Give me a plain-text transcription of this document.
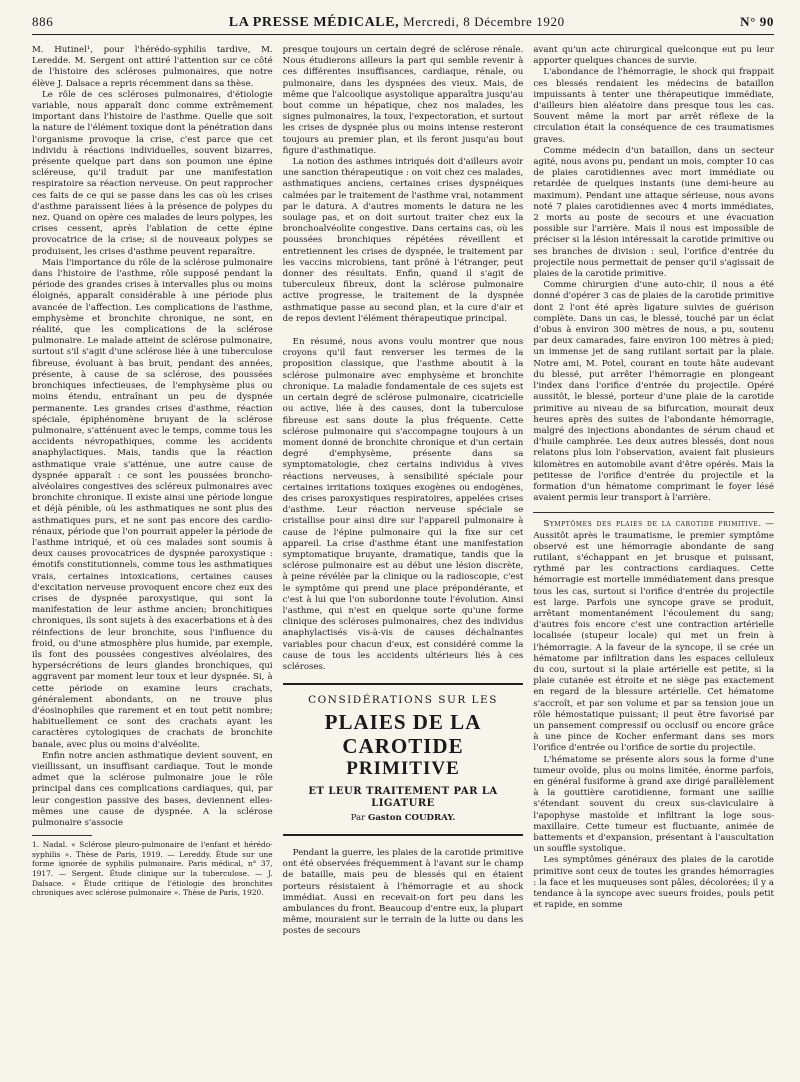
886	LA PRESSE MÉDICALE, Mercredi, 8 Décembre 1920	N° 90

M. Hutinel¹, pour l'hérédo-syphilis tardive, M. Leredde. M. Sergent ont attiré l'attention sur ce côté de l'histoire des scléroses pulmonaires, que notre élève J. Dalsace a repris récemment dans sa thèse.

Le rôle de ces scléroses pulmonaires, d'étiologie variable, nous apparaît donc comme extrêmement important dans l'histoire de l'asthme. Quelle que soit la nature de l'élément toxique dont la pénétration dans l'organisme provoque la crise, c'est parce que cet individu à réactions individuelles, souvent bizarres, présente quelque part dans son poumon une épine scléreuse, qu'il traduit par une manifestation respiratoire sa réaction nerveuse. On peut rapprocher ces faits de ce qui se passe dans les cas où les crises d'asthme paraissent liées à la présence de polypes du nez. Quand on opère ces malades de leurs polypes, les crises cessent, après l'ablation de cette épine provocatrice de la crise; si de nouveaux polypes se produisent, les crises d'asthme peuvent reparaître.

Mais l'importance du rôle de la sclérose pulmonaire dans l'histoire de l'asthme, rôle supposé pendant la période des grandes crises à intervalles plus ou moins éloignés, apparaît considérable à une période plus avancée de l'affection. Les complications de l'asthme, emphysème et bronchite chronique, ne sont, en réalité, que les complications de la sclérose pulmonaire. Le malade atteint de sclérose pulmonaire, surtout s'il s'agit d'une sclérose liée à une tuberculose fibreuse, évoluant à bas bruit, pendant des années, présente, à cause de sa sclérose, des poussées bronchiques infectieuses, de l'emphysème plus ou moins étendu, entraînant un peu de dyspnée permanente. Les grandes crises d'asthme, réaction spéciale, épiphénomène bruyant de la sclérose pulmonaire, s'atténuent avec le temps, comme tous les accidents névropathiques, comme les accidents anaphylactiques. Mais, tandis que la réaction asthmatique vraie s'atténue, une autre cause de dyspnée apparaît : ce sont les poussées broncho-alvéolaires congestives des scléreux pulmonaires avec bronchite chronique. Il existe ainsi une période longue et déjà pénible, où les asthmatiques ne sont plus des asthmatiques purs, et ne sont pas encore des cardio-rénaux, période que l'on pourrait appeler la période de l'asthme intriqué, et où ces malades sont soumis à deux causes provocatrices de dyspnée paroxystique : émotifs constitutionnels, comme tous les asthmatiques vrais, certaines intoxications, certaines causes d'excitation nerveuse provoquent encore chez eux des crises de dyspnée paroxystique, qui sont la manifestation de leur asthme ancien; bronchitiques chroniques, ils sont sujets à des exacerbations et à des réinfections de leur bronchite, sous l'influence du froid, ou d'une atmosphère plus humide, par exemple, ils font des poussées congestives alvéolaires, des hypersécrétions de leurs glandes bronchiques, qui aggravent par moment leur toux et leur dyspnée. Si, à cette période on examine leurs crachats, généralement abondants, on ne trouve plus d'éosinophiles que rarement et en tout petit nombre; habituellement ce sont des crachats ayant les caractères cytologiques de crachats de bronchite banale, avec plus ou moins d'alvéolite.

Enfin notre ancien asthmatique devient souvent, en vieillissant, un insuffisant cardiaque. Tout le monde admet que la sclérose pulmonaire joue le rôle principal dans ces complications cardiaques, qui, par leur congestion passive des bases, deviennent elles-mêmes une cause de dyspnée. A la sclérose pulmonaire s'associe

1. Nadal. « Sclérose pleuro-pulmonaire de l'enfant et hérédo-syphilis ». Thèse de Paris, 1919. — Lereddy. Étude sur une forme ignorée de syphilis pulmonaire. Paris médical, n° 37, 1917. — Sergent. Étude clinique sur la tuberculose. — J. Dalsace. « Étude critique de l'étiologie des bronchites chroniques avec sclérose pulmonaire ». Thèse de Paris, 1920.

presque toujours un certain degré de sclérose rénale. Nous étudierons ailleurs la part qui semble revenir à ces différentes insuffisances, cardiaque, rénale, ou pulmonaire, dans les dyspnées des vieux. Mais, de même que l'alcoolique asystolique apparaîtra jusqu'au bout comme un hépatique, chez nos malades, les signes pulmonaires, la toux, l'expectoration, et surtout les crises de dyspnée plus ou moins intense resteront toujours au premier plan, et ils feront jusqu'au bout figure d'asthmatique.

La notion des asthmes intriqués doit d'ailleurs avoir une sanction thérapeutique : on voit chez ces malades, asthmatiques anciens, certaines crises dyspnéiques calmées par le traitement de l'asthme vrai, notamment par le datura. A d'autres moments le datura ne les soulage pas, et on doit surtout traiter chez eux la bronchoalvéolite congestive. Dans certains cas, où les poussées bronchiques répétées réveillent et entretiennent les crises de dyspnée, le traitement par les vaccins microbiens, tant prôné à l'étranger, peut donner des résultats. Enfin, quand il s'agit de tuberculeux fibreux, dont la sclérose pulmonaire active progresse, le traitement de la dyspnée asthmatique passe au second plan, et la cure d'air et de repos devient l'élément thérapeutique principal.

En résumé, nous avons voulu montrer que nous croyons qu'il faut renverser les termes de la proposition classique, que l'asthme aboutit à la sclérose pulmonaire avec emphysème et bronchite chronique. La maladie fondamentale de ces sujets est un certain degré de sclérose pulmonaire, cicatricielle ou active, liée à des causes, dont la tuberculose fibreuse est sans doute la plus fréquente. Cette sclérose pulmonaire qui s'accompagne toujours à un moment donné de bronchite chronique et d'un certain degré d'emphysème, présente dans sa symptomatologie, chez certains individus à vives réactions nerveuses, à sensibilité spéciale pour certaines irritations toxiques exogènes ou endogènes, des crises paroxystiques respiratoires, appelées crises d'asthme. Leur réaction nerveuse spéciale se cristallise pour ainsi dire sur l'appareil pulmonaire à cause de l'épine pulmonaire qui la fixe sur cet appareil. La crise d'asthme étant une manifestation symptomatique bruyante, dramatique, tandis que la sclérose pulmonaire est au début une lésion discrète, à peine révélée par la clinique ou la radioscopie, c'est le symptôme qui prend une place prépondérante, et c'est à lui que l'on subordonne toute l'évolution. Ainsi l'asthme, qui n'est en quelque sorte qu'une forme clinique des scléroses pulmonaires, chez des individus anaphylactisés vis-à-vis de causes déchaînantes variables pour chacun d'eux, est considéré comme la cause de tous les accidents ultérieurs liés à ces scléroses.

CONSIDÉRATIONS SUR LES
PLAIES DE LA CAROTIDE
PRIMITIVE
ET LEUR TRAITEMENT PAR LA LIGATURE
Par Gaston COUDRAY.

Pendant la guerre, les plaies de la carotide primitive ont été observées fréquemment à l'avant sur le champ de bataille, mais peu de blessés qui en étaient porteurs résistaient à l'hémorragie et au shock immédiat. Aussi en recevait-on fort peu dans les ambulances du front. Beaucoup d'entre eux, la plupart même, mouraient sur le terrain de la lutte ou dans les postes de secours

avant qu'un acte chirurgical quelconque eut pu leur apporter quelques chances de survie.

L'abondance de l'hémorragie, le shock qui frappait ces blessés rendaient les médecins de bataillon impuissants à tenter une thérapeutique immédiate, d'ailleurs bien aléatoire dans presque tous les cas. Souvent même la mort par arrêt réflexe de la circulation était la conséquence de ces traumatismes graves.

Comme médecin d'un bataillon, dans un secteur agité, nous avons pu, pendant un mois, compter 10 cas de plaies carotidiennes avec mort immédiate ou retardée de quelques instants (une demi-heure au maximum). Pendant une attaque sérieuse, nous avons noté 7 plaies carotidiennes avec 4 morts immédiates, 2 morts au poste de secours et une évacuation possible sur l'arrière. Mais il nous est impossible de préciser si la lésion intéressait la carotide primitive ou ses branches de division : seul, l'orifice d'entrée du projectile nous permettait de penser qu'il s'agissait de plaies de la carotide primitive.

Comme chirurgien d'une auto-chir, il nous a été donné d'opérer 3 cas de plaies de la carotide primitive dont 2 l'ont été après ligature suivies de guérison complète. Dans un cas, le blessé, touché par un éclat d'obus à environ 300 mètres de nous, a pu, soutenu par deux camarades, faire environ 100 mètres à pied; un immense jet de sang rutilant sortait par la plaie. Notre ami, M. Potel, courant en toute hâte audevant du blessé, put arrêter l'hémorragie en plongeant l'index dans l'orifice d'entrée du projectile. Opéré aussitôt, le blessé, porteur d'une plaie de la carotide primitive au niveau de sa bifurcation, mourait deux heures après des suites de l'abondante hémorragie, malgré des injections abondantes de sérum chaud et d'huile camphrée. Les deux autres blessés, dont nous relatons plus loin l'observation, avaient fait plusieurs kilomètres en automobile avant d'être opérés. Mais la petitesse de l'orifice d'entrée du projectile et la formation d'un hématome comprimant le foyer lésé avaient permis leur transport à l'arrière.

Symptômes des plaies de la carotide primitive. — Aussitôt après le traumatisme, le premier symptôme observé est une hémorragie abondante de sang rutilant, s'échappant en jet brusque et puissant, rythmé par les contractions cardiaques. Cette hémorragie est mortelle immédiatement dans presque tous les cas, surtout si l'orifice d'entrée du projectile est large. Parfois une syncope grave se produit, arrêtant momentanément l'écoulement du sang; d'autres fois encore c'est une contraction artérielle localisée (stupeur locale) qui met un frein à l'hémorragie. A la faveur de la syncope, il se crée un hématome par infiltration dans les espaces celluleux du cou, surtout si la plaie artérielle est petite, si la plaie cutanée est étroite et ne siège pas exactement en regard de la blessure artérielle. Cet hématome s'accroît, et par son volume et par sa tension joue un rôle hémostatique puissant; il peut être favorisé par un pansement compressif ou occlusif ou encore grâce à une pince de Kocher enfermant dans ses mors l'orifice d'entrée ou l'orifice de sortie du projectile.

L'hématome se présente alors sous la forme d'une tumeur ovoïde, plus ou moins limitée, énorme parfois, en général fusiforme à grand axe dirigé parallèlement à la gouttière carotidienne, formant une saillie s'étendant souvent du creux sus-claviculaire à l'apophyse mastoïde et infiltrant la loge sous-maxillaire. Cette tumeur est fluctuante, animée de battements et d'expansion, présentant à l'auscultation un souffle systolique.

Les symptômes généraux des plaies de la carotide primitive sont ceux de toutes les grandes hémorragies : la face et les muqueuses sont pâles, décolorées; il y a tendance à la syncope avec sueurs froides, pouls petit et rapide, en somme
